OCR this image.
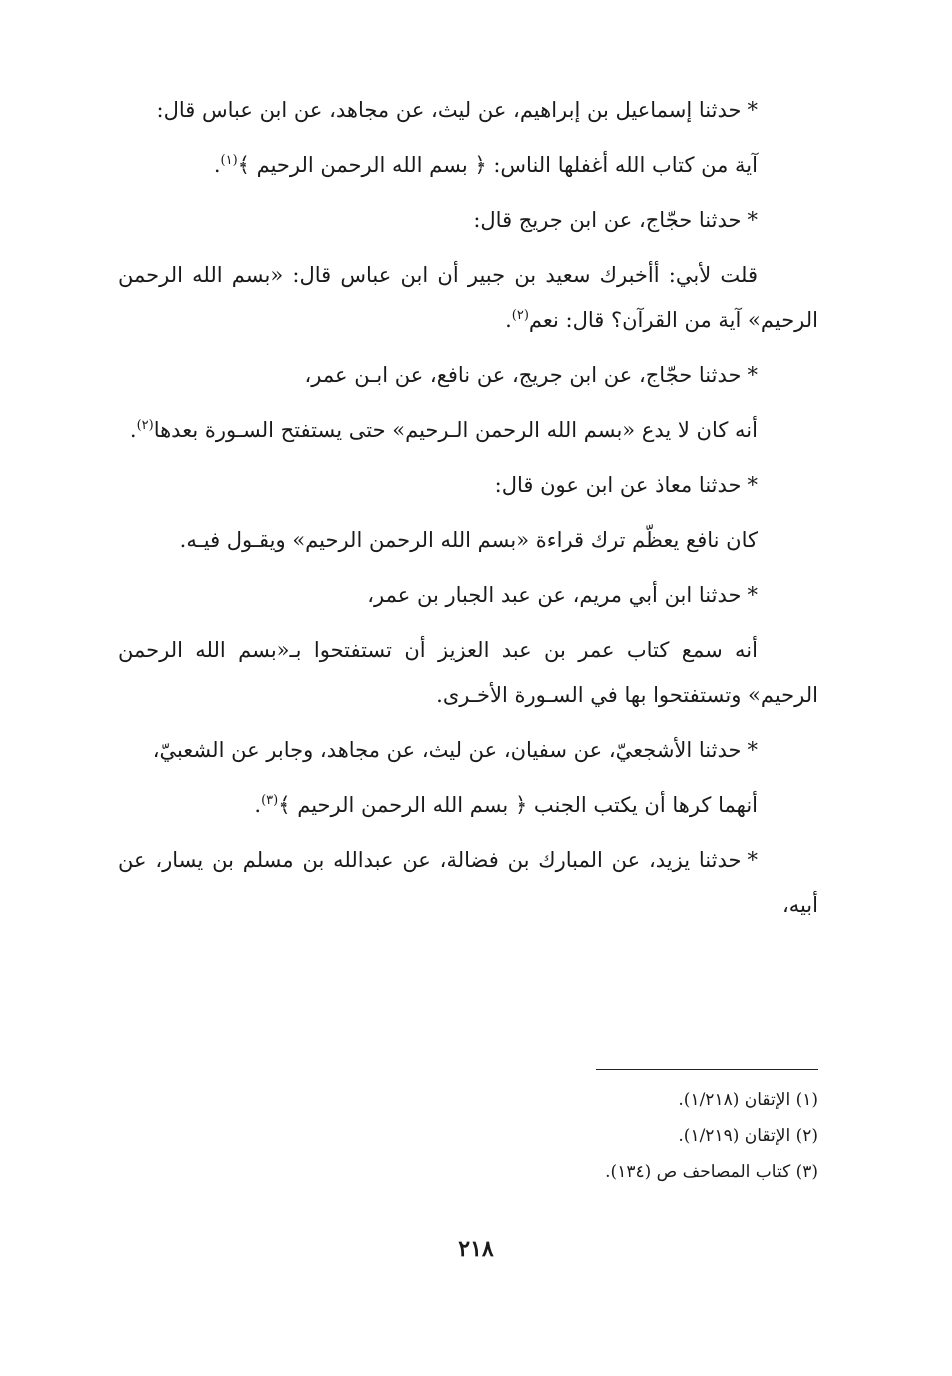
*حدثنا إسماعيل بن إبراهيم، عن ليث، عن مجاهد، عن ابن عباس قال:

آية من كتاب الله أغفلها الناس: ﴿ بسم الله الرحمن الرحيم ﴾$^{(١)}$.

*حدثنا حجّاج، عن ابن جريج قال:

قلت لأبي: أأخبرك سعيد بن جبير أن ابن عباس قال: «بسم الله الرحمن الرحيم» آية من القرآن؟ قال: نعم$^{(٢)}$.

*حدثنا حجّاج، عن ابن جريج، عن نافع، عن ابـن عمر،

أنه كان لا يدع «بسم الله الرحمن الـرحيم» حتى يستفتح السـورة بعدها$^{(٢)}$.

*حدثنا معاذ عن ابن عون قال:

كان نافع يعظّم ترك قراءة «بسم الله الرحمن الرحيم» ويقـول فيـه.

*حدثنا ابن أبي مريم، عن عبد الجبار بن عمر،

أنه سمع كتاب عمر بن عبد العزيز أن تستفتحوا بـ«بسم الله الرحمن الرحيم» وتستفتحوا بها في السـورة الأخـرى.

*حدثنا الأشجعيّ، عن سفيان، عن ليث، عن مجاهد، وجابر عن الشعبيّ،

أنهما كرها أن يكتب الجنب ﴿ بسم الله الرحمن الرحيم ﴾$^{(٣)}$.

*حدثنا يزيد، عن المبارك بن فضالة، عن عبدالله بن مسلم بن يسار، عن أبيه،

(١) الإتقان (١/٢١٨).

(٢) الإتقان (١/٢١٩).

(٣) كتاب المصاحف ص (١٣٤).

٢١٨
